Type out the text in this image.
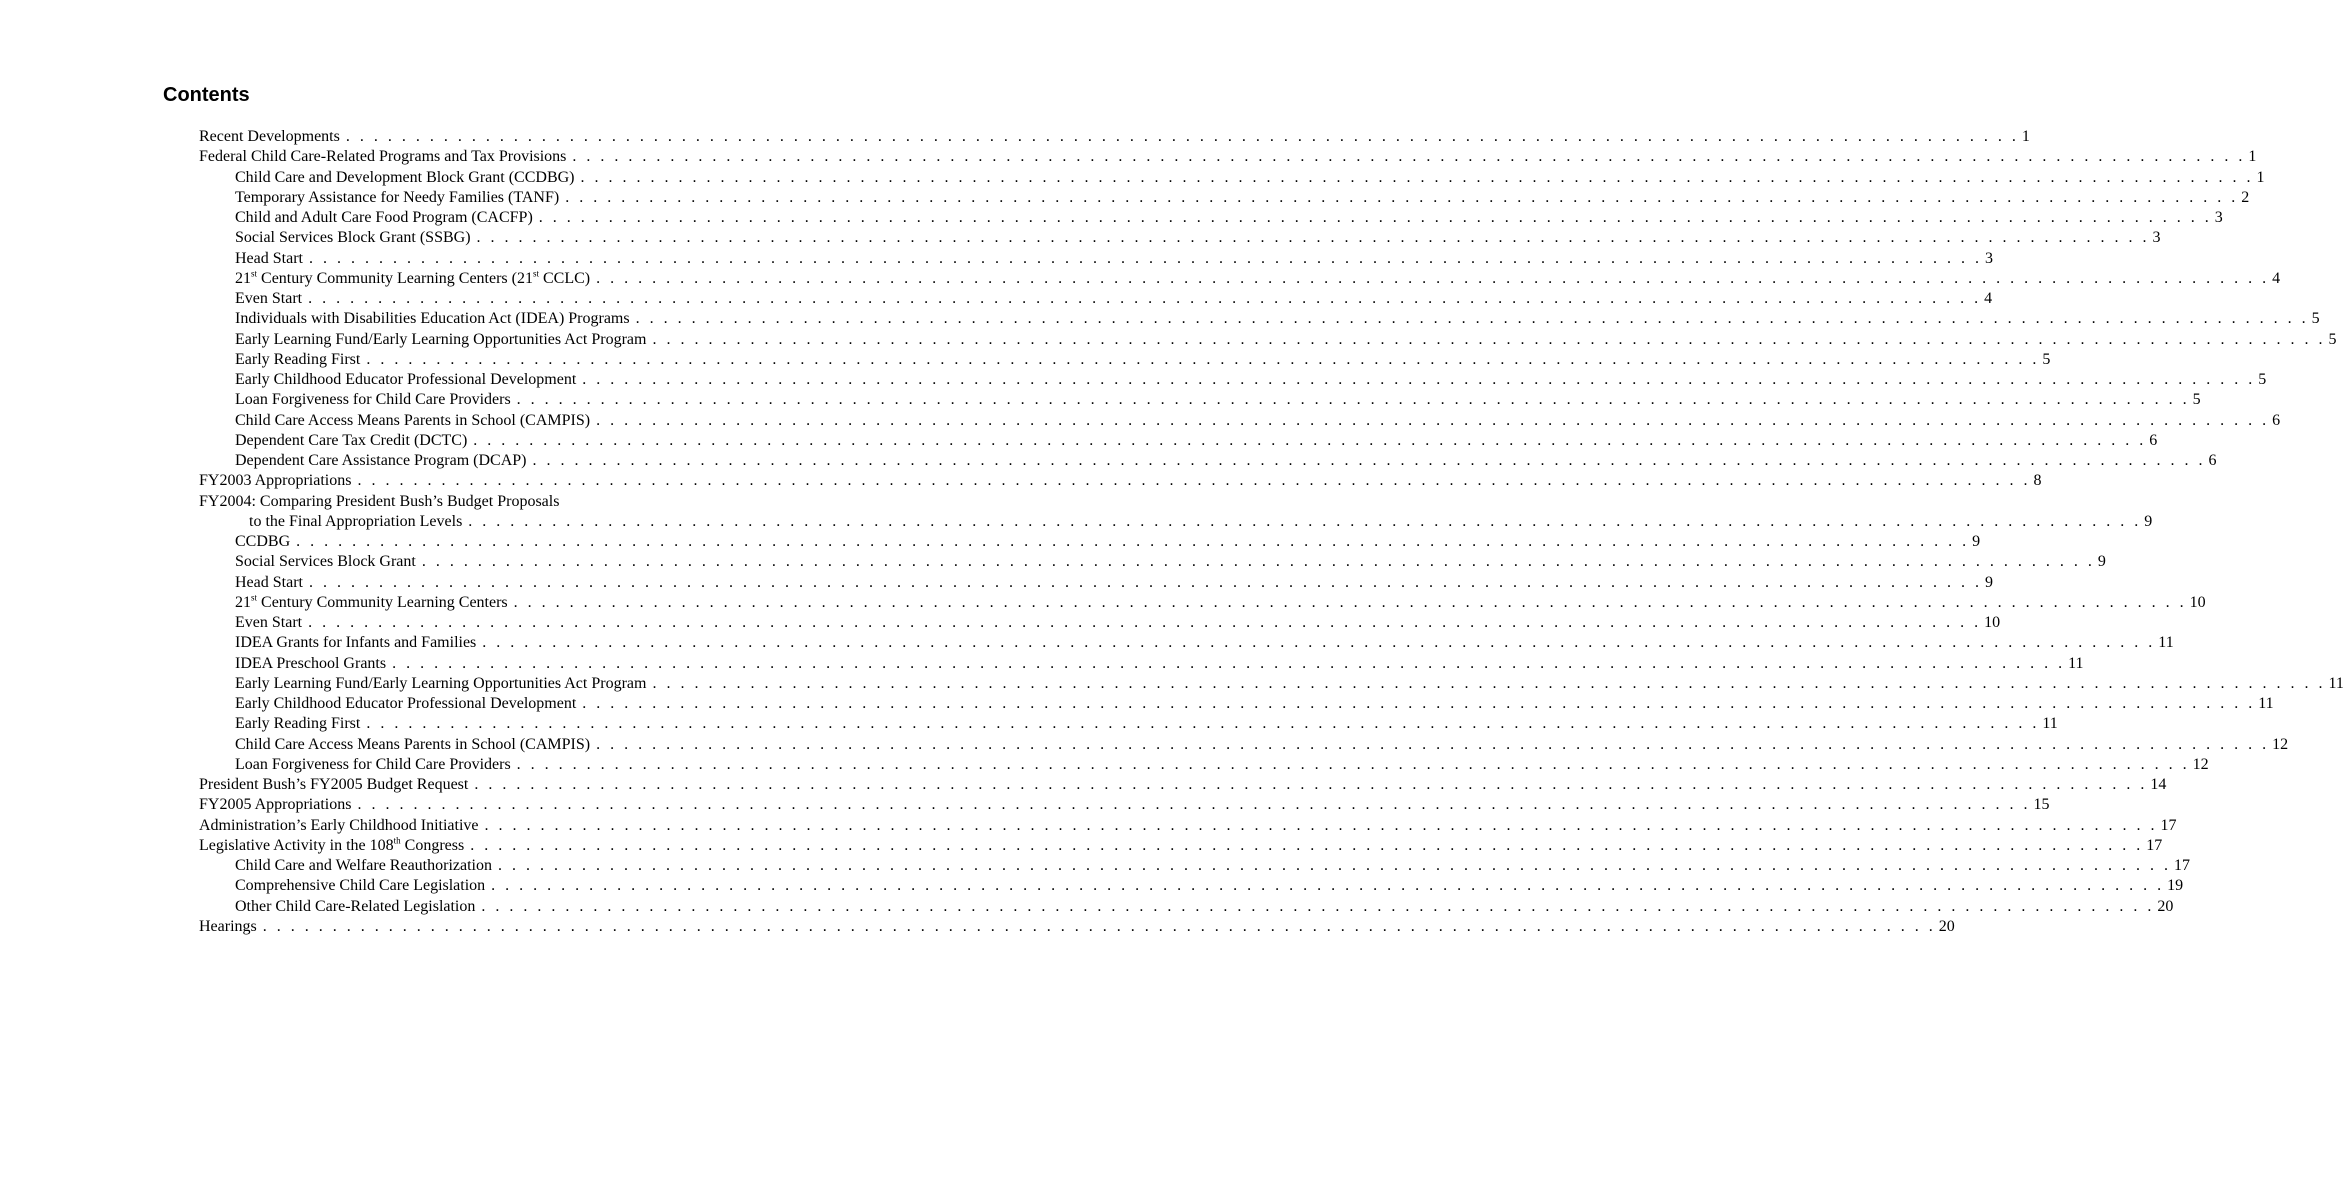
Contents
Recent Developments . . . . . . . . . . . . . . . . . . . . . . . . . . . . . . . . . . . . . . . . . . . . . . . . . . . . . . . . . . . . . . . . . . . . . . . . . . . . . . . . . . . . . . . . . . . . . . . . . . . . . . . . . . . . . . . . . . . . . . . . 1
Federal Child Care-Related Programs and Tax Provisions . . . . . . . . . . . . . . . . . . . . . . . . . . . . . . . . . . . . . . . . . . . . . . . . . . . . . . . . . . . . . . . . . . . . . . . . . . . . . . . . . . . . . . . . . . . . . . . . . . . . . . . . . . . . . . . . . . . . . . . . 1
Child Care and Development Block Grant (CCDBG) . . . . . . . . . . . . . . . . . . . . . . . . . . . . . . . . . . . . . . . . . . . . . . . . . . . . . . . . . . . . . . . . . . . . . . . . . . . . . . . . . . . . . . . . . . . . . . . . . . . . . . . . . . . . . . . . . . . . . . . . 1
Temporary Assistance for Needy Families (TANF) . . . . . . . . . . . . . . . . . . . . . . . . . . . . . . . . . . . . . . . . . . . . . . . . . . . . . . . . . . . . . . . . . . . . . . . . . . . . . . . . . . . . . . . . . . . . . . . . . . . . . . . . . . . . . . . . . . . . . . . . 2
Child and Adult Care Food Program (CACFP) . . . . . . . . . . . . . . . . . . . . . . . . . . . . . . . . . . . . . . . . . . . . . . . . . . . . . . . . . . . . . . . . . . . . . . . . . . . . . . . . . . . . . . . . . . . . . . . . . . . . . . . . . . . . . . . . . . . . . . . . 3
Social Services Block Grant (SSBG) . . . . . . . . . . . . . . . . . . . . . . . . . . . . . . . . . . . . . . . . . . . . . . . . . . . . . . . . . . . . . . . . . . . . . . . . . . . . . . . . . . . . . . . . . . . . . . . . . . . . . . . . . . . . . . . . . . . . . . . . 3
Head Start . . . . . . . . . . . . . . . . . . . . . . . . . . . . . . . . . . . . . . . . . . . . . . . . . . . . . . . . . . . . . . . . . . . . . . . . . . . . . . . . . . . . . . . . . . . . . . . . . . . . . . . . . . . . . . . . . . . . . . . . 3
21st Century Community Learning Centers (21st CCLC) . . . . . . . . . . . . . . . . . . . . . . . . . . . . . . . . . . . . . . . . . . . . . . . . . . . . . . . . . . . . . . . . . . . . . . . . . . . . . . . . . . . . . . . . . . . . . . . . . . . . . . . . . . . . . . . . . . . . . . . . 4
Even Start . . . . . . . . . . . . . . . . . . . . . . . . . . . . . . . . . . . . . . . . . . . . . . . . . . . . . . . . . . . . . . . . . . . . . . . . . . . . . . . . . . . . . . . . . . . . . . . . . . . . . . . . . . . . . . . . . . . . . . . . 4
Individuals with Disabilities Education Act (IDEA) Programs . . . . . . . . . . . . . . . . . . . . . . . . . . . . . . . . . . . . . . . . . . . . . . . . . . . . . . . . . . . . . . . . . . . . . . . . . . . . . . . . . . . . . . . . . . . . . . . . . . . . . . . . . . . . . . . . . . . . . . . . 5
Early Learning Fund/Early Learning Opportunities Act Program . . . . . . . . . . . . . . . . . . . . . . . . . . . . . . . . . . . . . . . . . . . . . . . . . . . . . . . . . . . . . . . . . . . . . . . . . . . . . . . . . . . . . . . . . . . . . . . . . . . . . . . . . . . . . . . . . . . . . . . . 5
Early Reading First . . . . . . . . . . . . . . . . . . . . . . . . . . . . . . . . . . . . . . . . . . . . . . . . . . . . . . . . . . . . . . . . . . . . . . . . . . . . . . . . . . . . . . . . . . . . . . . . . . . . . . . . . . . . . . . . . . . . . . . . 5
Early Childhood Educator Professional Development . . . . . . . . . . . . . . . . . . . . . . . . . . . . . . . . . . . . . . . . . . . . . . . . . . . . . . . . . . . . . . . . . . . . . . . . . . . . . . . . . . . . . . . . . . . . . . . . . . . . . . . . . . . . . . . . . . . . . . . . 5
Loan Forgiveness for Child Care Providers . . . . . . . . . . . . . . . . . . . . . . . . . . . . . . . . . . . . . . . . . . . . . . . . . . . . . . . . . . . . . . . . . . . . . . . . . . . . . . . . . . . . . . . . . . . . . . . . . . . . . . . . . . . . . . . . . . . . . . . . 5
Child Care Access Means Parents in School (CAMPIS) . . . . . . . . . . . . . . . . . . . . . . . . . . . . . . . . . . . . . . . . . . . . . . . . . . . . . . . . . . . . . . . . . . . . . . . . . . . . . . . . . . . . . . . . . . . . . . . . . . . . . . . . . . . . . . . . . . . . . . . . 6
Dependent Care Tax Credit (DCTC) . . . . . . . . . . . . . . . . . . . . . . . . . . . . . . . . . . . . . . . . . . . . . . . . . . . . . . . . . . . . . . . . . . . . . . . . . . . . . . . . . . . . . . . . . . . . . . . . . . . . . . . . . . . . . . . . . . . . . . . . 6
Dependent Care Assistance Program (DCAP) . . . . . . . . . . . . . . . . . . . . . . . . . . . . . . . . . . . . . . . . . . . . . . . . . . . . . . . . . . . . . . . . . . . . . . . . . . . . . . . . . . . . . . . . . . . . . . . . . . . . . . . . . . . . . . . . . . . . . . . . 6
FY2003 Appropriations . . . . . . . . . . . . . . . . . . . . . . . . . . . . . . . . . . . . . . . . . . . . . . . . . . . . . . . . . . . . . . . . . . . . . . . . . . . . . . . . . . . . . . . . . . . . . . . . . . . . . . . . . . . . . . . . . . . . . . . . 8
FY2004: Comparing President Bush’s Budget Proposals
to the Final Appropriation Levels . . . . . . . . . . . . . . . . . . . . . . . . . . . . . . . . . . . . . . . . . . . . . . . . . . . . . . . . . . . . . . . . . . . . . . . . . . . . . . . . . . . . . . . . . . . . . . . . . . . . . . . . . . . . . . . . . . . . . . . . 9
CCDBG . . . . . . . . . . . . . . . . . . . . . . . . . . . . . . . . . . . . . . . . . . . . . . . . . . . . . . . . . . . . . . . . . . . . . . . . . . . . . . . . . . . . . . . . . . . . . . . . . . . . . . . . . . . . . . . . . . . . . . . . 9
Social Services Block Grant . . . . . . . . . . . . . . . . . . . . . . . . . . . . . . . . . . . . . . . . . . . . . . . . . . . . . . . . . . . . . . . . . . . . . . . . . . . . . . . . . . . . . . . . . . . . . . . . . . . . . . . . . . . . . . . . . . . . . . . . 9
Head Start . . . . . . . . . . . . . . . . . . . . . . . . . . . . . . . . . . . . . . . . . . . . . . . . . . . . . . . . . . . . . . . . . . . . . . . . . . . . . . . . . . . . . . . . . . . . . . . . . . . . . . . . . . . . . . . . . . . . . . . . 9
21st Century Community Learning Centers . . . . . . . . . . . . . . . . . . . . . . . . . . . . . . . . . . . . . . . . . . . . . . . . . . . . . . . . . . . . . . . . . . . . . . . . . . . . . . . . . . . . . . . . . . . . . . . . . . . . . . . . . . . . . . . . . . . . . . . . 10
Even Start . . . . . . . . . . . . . . . . . . . . . . . . . . . . . . . . . . . . . . . . . . . . . . . . . . . . . . . . . . . . . . . . . . . . . . . . . . . . . . . . . . . . . . . . . . . . . . . . . . . . . . . . . . . . . . . . . . . . . . . . 10
IDEA Grants for Infants and Families . . . . . . . . . . . . . . . . . . . . . . . . . . . . . . . . . . . . . . . . . . . . . . . . . . . . . . . . . . . . . . . . . . . . . . . . . . . . . . . . . . . . . . . . . . . . . . . . . . . . . . . . . . . . . . . . . . . . . . . . 11
IDEA Preschool Grants . . . . . . . . . . . . . . . . . . . . . . . . . . . . . . . . . . . . . . . . . . . . . . . . . . . . . . . . . . . . . . . . . . . . . . . . . . . . . . . . . . . . . . . . . . . . . . . . . . . . . . . . . . . . . . . . . . . . . . . . 11
Early Learning Fund/Early Learning Opportunities Act Program . . . . . . . . . . . . . . . . . . . . . . . . . . . . . . . . . . . . . . . . . . . . . . . . . . . . . . . . . . . . . . . . . . . . . . . . . . . . . . . . . . . . . . . . . . . . . . . . . . . . . . . . . . . . . . . . . . . . . . . . 11
Early Childhood Educator Professional Development . . . . . . . . . . . . . . . . . . . . . . . . . . . . . . . . . . . . . . . . . . . . . . . . . . . . . . . . . . . . . . . . . . . . . . . . . . . . . . . . . . . . . . . . . . . . . . . . . . . . . . . . . . . . . . . . . . . . . . . . 11
Early Reading First . . . . . . . . . . . . . . . . . . . . . . . . . . . . . . . . . . . . . . . . . . . . . . . . . . . . . . . . . . . . . . . . . . . . . . . . . . . . . . . . . . . . . . . . . . . . . . . . . . . . . . . . . . . . . . . . . . . . . . . . 11
Child Care Access Means Parents in School (CAMPIS) . . . . . . . . . . . . . . . . . . . . . . . . . . . . . . . . . . . . . . . . . . . . . . . . . . . . . . . . . . . . . . . . . . . . . . . . . . . . . . . . . . . . . . . . . . . . . . . . . . . . . . . . . . . . . . . . . . . . . . . . 12
Loan Forgiveness for Child Care Providers . . . . . . . . . . . . . . . . . . . . . . . . . . . . . . . . . . . . . . . . . . . . . . . . . . . . . . . . . . . . . . . . . . . . . . . . . . . . . . . . . . . . . . . . . . . . . . . . . . . . . . . . . . . . . . . . . . . . . . . . 12
President Bush’s FY2005 Budget Request . . . . . . . . . . . . . . . . . . . . . . . . . . . . . . . . . . . . . . . . . . . . . . . . . . . . . . . . . . . . . . . . . . . . . . . . . . . . . . . . . . . . . . . . . . . . . . . . . . . . . . . . . . . . . . . . . . . . . . . . 14
FY2005 Appropriations . . . . . . . . . . . . . . . . . . . . . . . . . . . . . . . . . . . . . . . . . . . . . . . . . . . . . . . . . . . . . . . . . . . . . . . . . . . . . . . . . . . . . . . . . . . . . . . . . . . . . . . . . . . . . . . . . . . . . . . . 15
Administration’s Early Childhood Initiative . . . . . . . . . . . . . . . . . . . . . . . . . . . . . . . . . . . . . . . . . . . . . . . . . . . . . . . . . . . . . . . . . . . . . . . . . . . . . . . . . . . . . . . . . . . . . . . . . . . . . . . . . . . . . . . . . . . . . . . . 17
Legislative Activity in the 108th Congress . . . . . . . . . . . . . . . . . . . . . . . . . . . . . . . . . . . . . . . . . . . . . . . . . . . . . . . . . . . . . . . . . . . . . . . . . . . . . . . . . . . . . . . . . . . . . . . . . . . . . . . . . . . . . . . . . . . . . . . . 17
Child Care and Welfare Reauthorization . . . . . . . . . . . . . . . . . . . . . . . . . . . . . . . . . . . . . . . . . . . . . . . . . . . . . . . . . . . . . . . . . . . . . . . . . . . . . . . . . . . . . . . . . . . . . . . . . . . . . . . . . . . . . . . . . . . . . . . . 17
Comprehensive Child Care Legislation . . . . . . . . . . . . . . . . . . . . . . . . . . . . . . . . . . . . . . . . . . . . . . . . . . . . . . . . . . . . . . . . . . . . . . . . . . . . . . . . . . . . . . . . . . . . . . . . . . . . . . . . . . . . . . . . . . . . . . . . 19
Other Child Care-Related Legislation . . . . . . . . . . . . . . . . . . . . . . . . . . . . . . . . . . . . . . . . . . . . . . . . . . . . . . . . . . . . . . . . . . . . . . . . . . . . . . . . . . . . . . . . . . . . . . . . . . . . . . . . . . . . . . . . . . . . . . . . 20
Hearings . . . . . . . . . . . . . . . . . . . . . . . . . . . . . . . . . . . . . . . . . . . . . . . . . . . . . . . . . . . . . . . . . . . . . . . . . . . . . . . . . . . . . . . . . . . . . . . . . . . . . . . . . . . . . . . . . . . . . . . . 20
